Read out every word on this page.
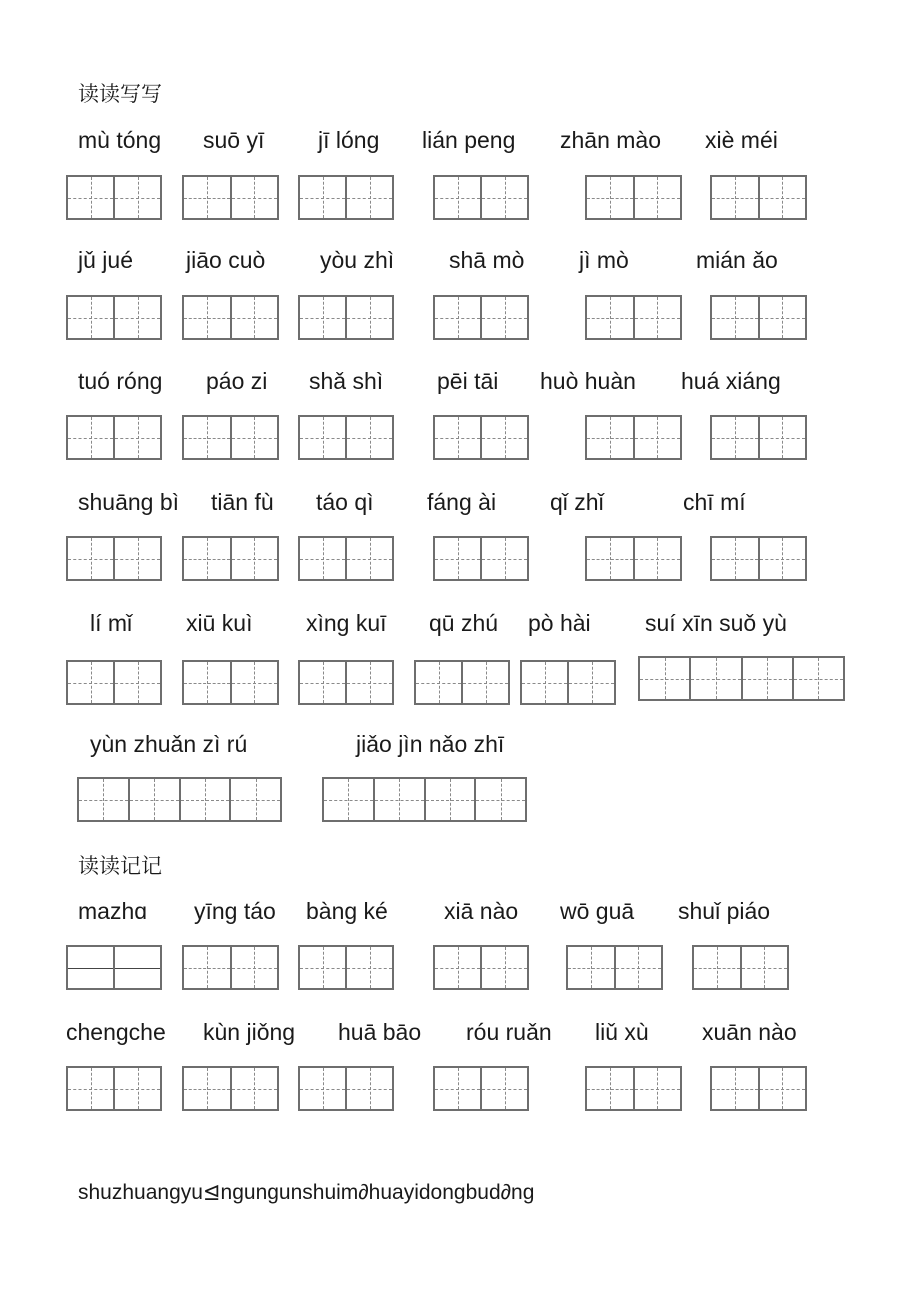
读读写写
mù tóng suō yī jī lóng lián peng zhān mào xiè méi
jǔ jué jiāo cuò yòu zhì shā mò jì mò	mián ǎo
tuó róng páo zi shǎ shì pēi tāi huò huàn huá xiáng
shuāng bì tiān fù táo qì fáng ài qǐ zhǐ	chī mí
lí mǐ xiū kuì xìng kuī qū zhú pò hài suí xīn suǒ yù
yùn zhuǎn zì rú	jiǎo jìn nǎo zhī
读读记记
mazhɑ yīng táo bàng ké xiā nào wō guā shuǐ piáo
chengche kùn jiǒng huā bāo róu ruǎn liǔ xù xuān nào
shuzhuangyu⊴ngungunshuim∂huayidongbud∂ng
